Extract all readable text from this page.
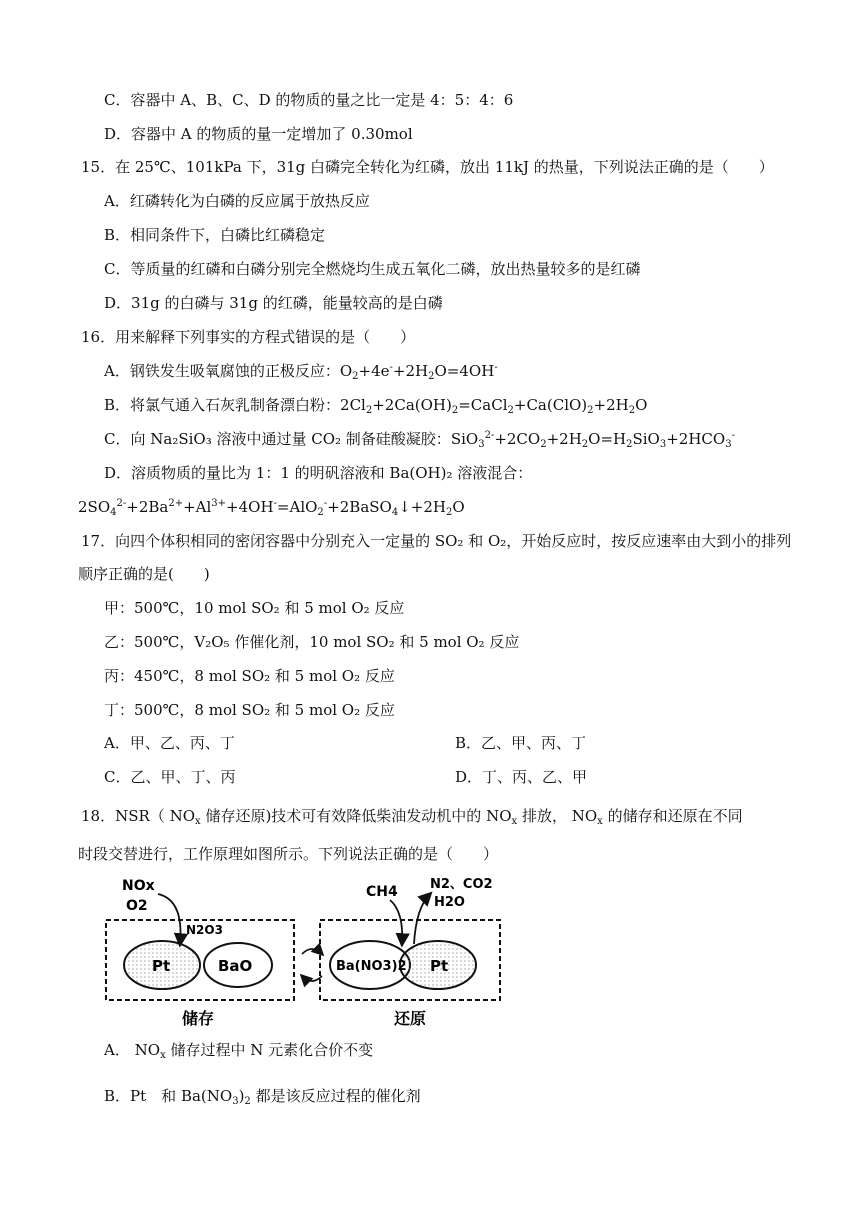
C．容器中 A、B、C、D 的物质的量之比一定是 4：5：4：6
D．容器中 A 的物质的量一定增加了 0.30mol
15．在 25℃、101kPa 下，31g 白磷完全转化为红磷，放出 11kJ 的热量，下列说法正确的是（　　）
A．红磷转化为白磷的反应属于放热反应
B．相同条件下，白磷比红磷稳定
C．等质量的红磷和白磷分别完全燃烧均生成五氧化二磷，放出热量较多的是红磷
D．31g 的白磷与 31g 的红磷，能量较高的是白磷
16．用来解释下列事实的方程式错误的是（　　）
A．钢铁发生吸氧腐蚀的正极反应：$O_2+4e^-+2H_2O=4OH^-$
B．将氯气通入石灰乳制备漂白粉：$2Cl_2+2Ca(OH)_2=CaCl_2+Ca(ClO)_2+2H_2O$
C．向 Na₂SiO₃ 溶液中通过量 CO₂ 制备硅酸凝胶：$SiO_3^{2-}+2CO_2+2H_2O=H_2SiO_3+2HCO_3^-$
D．溶质物质的量比为 1：1 的明矾溶液和 Ba(OH)₂ 溶液混合：
$2SO_4^{2-}+2Ba^{2+}+Al^{3+}+4OH^-=AlO_2^-+2BaSO_4↓+2H_2O$
17．向四个体积相同的密闭容器中分别充入一定量的 SO₂ 和 O₂，开始反应时，按反应速率由大到小的排列
顺序正确的是(　　)
甲：500℃，10 mol SO₂ 和 5 mol O₂ 反应
乙：500℃，V₂O₅ 作催化剂，10 mol SO₂ 和 5 mol O₂ 反应
丙：450℃，8 mol SO₂ 和 5 mol O₂ 反应
丁：500℃，8 mol SO₂ 和 5 mol O₂ 反应
A．甲、乙、丙、丁	B．乙、甲、丙、丁
C．乙、甲、丁、丙	D．丁、丙、乙、甲
18．NSR（ $NO_x$ 储存还原)技术可有效降低柴油发动机中的 $NO_x$ 排放， $NO_x$ 的储存和还原在不同
时段交替进行，工作原理如图所示。下列说法正确的是（　　）
Pt	BaO
NOx
O2
N2O3
Ba(NO3)2 Pt
CH4 N2、CO2
H2O
储存	还原
A． $NO_x$ 储存过程中 N 元素化合价不变
B．Pt　和 $Ba(NO_3)_2$ 都是该反应过程的催化剂
